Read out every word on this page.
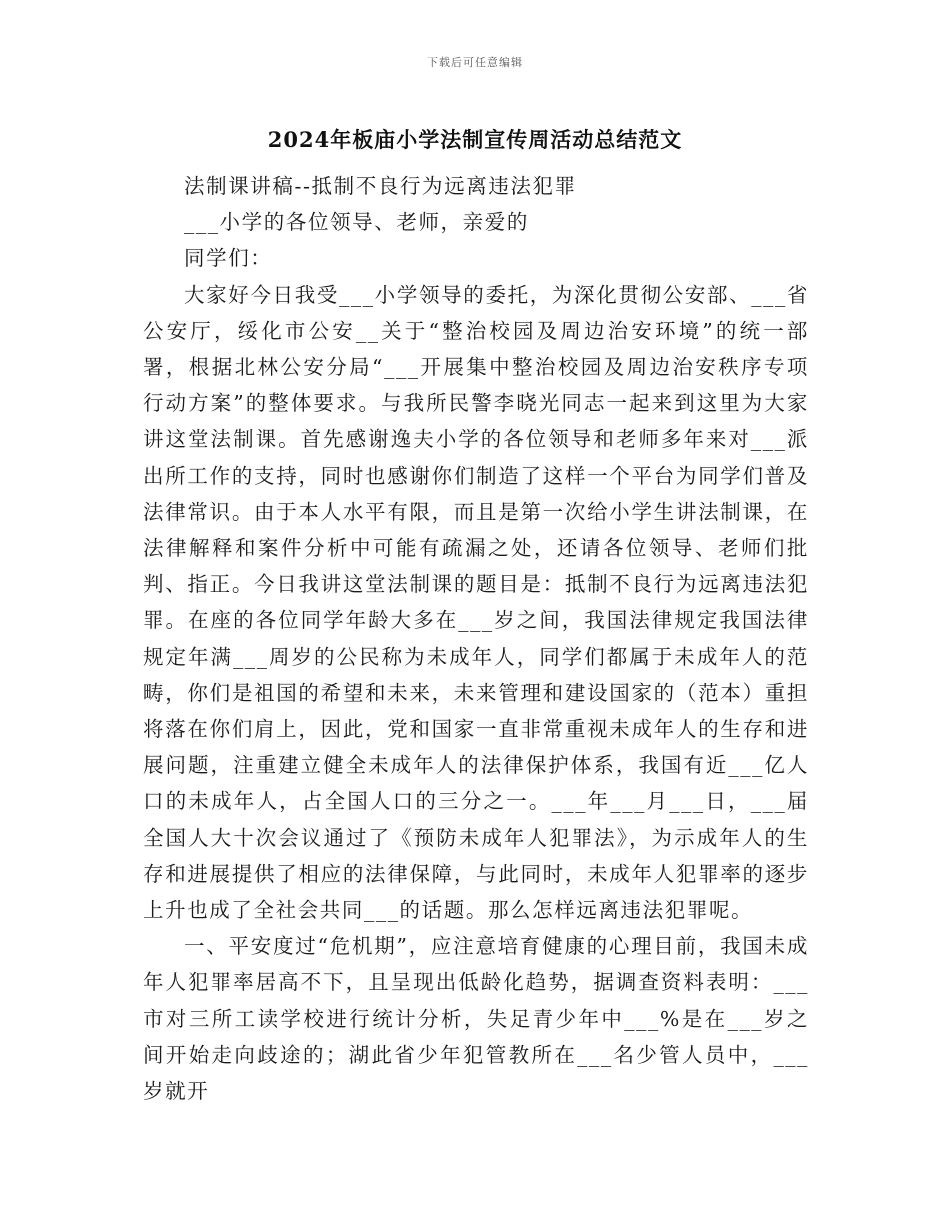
下载后可任意编辑
2024年板庙小学法制宣传周活动总结范文

法制课讲稿--抵制不良行为远离违法犯罪

___小学的各位领导、老师，亲爱的

同学们：

大家好今日我受___小学领导的委托，为深化贯彻公安部、___省公安厅，绥化市公安__关于“整治校园及周边治安环境”的统一部署，根据北林公安分局“___开展集中整治校园及周边治安秩序专项行动方案”的整体要求。与我所民警李晓光同志一起来到这里为大家讲这堂法制课。首先感谢逸夫小学的各位领导和老师多年来对___派出所工作的支持，同时也感谢你们制造了这样一个平台为同学们普及法律常识。由于本人水平有限，而且是第一次给小学生讲法制课，在法律解释和案件分析中可能有疏漏之处，还请各位领导、老师们批判、指正。今日我讲这堂法制课的题目是：抵制不良行为远离违法犯罪。在座的各位同学年龄大多在___岁之间，我国法律规定我国法律规定年满___周岁的公民称为未成年人，同学们都属于未成年人的范畴，你们是祖国的希望和未来，未来管理和建设国家的（范本）重担将落在你们肩上，因此，党和国家一直非常重视未成年人的生存和进展问题，注重建立健全未成年人的法律保护体系，我国有近___亿人口的未成年人，占全国人口的三分之一。___年___月___日，___届全国人大十次会议通过了《预防未成年人犯罪法》，为示成年人的生存和进展提供了相应的法律保障，与此同时，未成年人犯罪率的逐步上升也成了全社会共同___的话题。那么怎样远离违法犯罪呢。

一、平安度过“危机期”，应注意培育健康的心理目前，我国未成年人犯罪率居高不下，且呈现出低龄化趋势，据调查资料表明：___市对三所工读学校进行统计分析，失足青少年中___%是在___岁之间开始走向歧途的；湖此省少年犯管教所在___名少管人员中，___岁就开
